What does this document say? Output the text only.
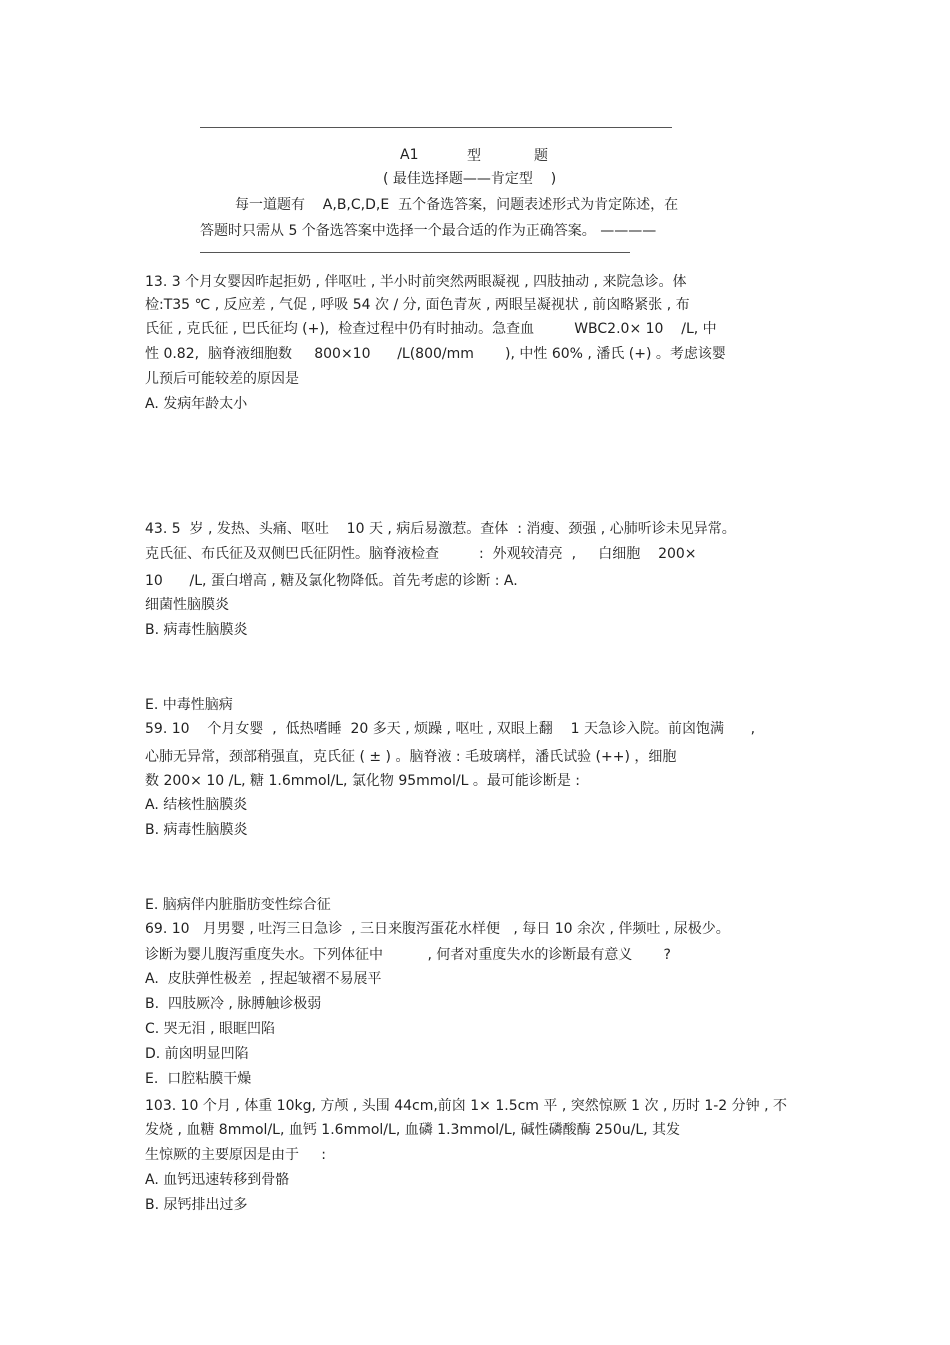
A1	型	题
( 最佳选择题——肯定型    )
每一道题有    A,B,C,D,E  五个备选答案，问题表述形式为肯定陈述，在
答题时只需从 5 个备选答案中选择一个最合适的作为正确答案。 ————
13. 3 个月女婴因昨起拒奶 , 伴呕吐 , 半小时前突然两眼凝视 , 四肢抽动 , 来院急诊。体
检:T35 ℃ , 反应差 , 气促 , 呼吸 54 次 / 分, 面色青灰 , 两眼呈凝视状 , 前囟略紧张 , 布
氏征 , 克氏征 , 巴氏征均 (+),  检查过程中仍有时抽动。急查血         WBC2.0× 10    /L, 中
性 0.82,  脑脊液细胞数     800×10      /L(800/mm       ), 中性 60% , 潘氏 (+) 。考虑该婴
儿预后可能较差的原因是
A. 发病年龄太小
43. 5  岁 , 发热、头痛、呕吐    10 天 , 病后易激惹。查体  : 消瘦、颈强 , 心肺听诊未见异常。
克氏征、布氏征及双侧巴氏征阴性。脑脊液检查         :  外观较清亮  ,     白细胞    200×
10      /L, 蛋白增高 , 糖及氯化物降低。首先考虑的诊断 : A.
细菌性脑膜炎
B. 病毒性脑膜炎
E. 中毒性脑病
59. 10    个月女婴  ,  低热嗜睡  20 多天 , 烦躁 , 呕吐 , 双眼上翻    1 天急诊入院。前囟饱满      ,
心肺无异常，颈部稍强直，克氏征 ( ± ) 。脑脊液 : 毛玻璃样，潘氏试验 (++) ，细胞
数 200× 10 /L, 糖 1.6mmol/L, 氯化物 95mmol/L 。最可能诊断是 :
A. 结核性脑膜炎
B. 病毒性脑膜炎
E. 脑病伴内脏脂肪变性综合征
69. 10   月男婴 , 吐泻三日急诊  , 三日来腹泻蛋花水样便   , 每日 10 余次 , 伴频吐 , 尿极少。
诊断为婴儿腹泻重度失水。下列体征中          , 何者对重度失水的诊断最有意义       ?
A.  皮肤弹性极差  , 捏起皱褶不易展平
B.  四肢厥冷 , 脉膊触诊极弱
C. 哭无泪 , 眼眶凹陷
D. 前囟明显凹陷
E.  口腔粘膜干燥
103. 10 个月 , 体重 10kg, 方颅 , 头围 44cm,前囟 1× 1.5cm 平 , 突然惊厥 1 次 , 历时 1-2 分钟 , 不
发烧 , 血糖 8mmol/L, 血钙 1.6mmol/L, 血磷 1.3mmol/L, 碱性磷酸酶 250u/L, 其发
生惊厥的主要原因是由于     :
A. 血钙迅速转移到骨骼
B. 尿钙排出过多
